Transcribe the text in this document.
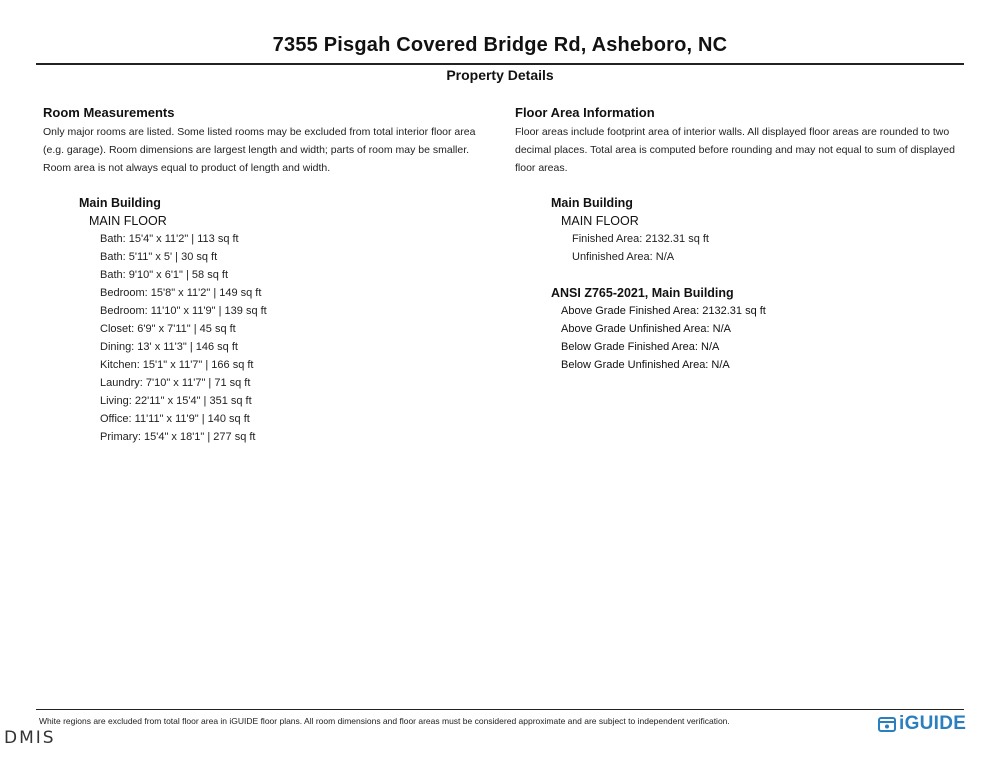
7355 Pisgah Covered Bridge Rd, Asheboro, NC
Property Details
Room Measurements

Only major rooms are listed. Some listed rooms may be excluded from total interior floor area

(e.g. garage). Room dimensions are largest length and width; parts of room may be smaller.

Room area is not always equal to product of length and width.

Main Building
MAIN FLOOR
Bath: 15'4" x 11'2" | 113 sq ft
Bath: 5'11" x 5' | 30 sq ft
Bath: 9'10" x 6'1" | 58 sq ft
Bedroom: 15'8" x 11'2" | 149 sq ft
Bedroom: 11'10" x 11'9" | 139 sq ft
Closet: 6'9" x 7'11" | 45 sq ft
Dining: 13' x 11'3" | 146 sq ft
Kitchen: 15'1" x 11'7" | 166 sq ft
Laundry: 7'10" x 11'7" | 71 sq ft
Living: 22'11" x 15'4" | 351 sq ft
Office: 11'11" x 11'9" | 140 sq ft
Primary: 15'4" x 18'1" | 277 sq ft
Floor Area Information

Floor areas include footprint area of interior walls. All displayed floor areas are rounded to two

decimal places. Total area is computed before rounding and may not equal to sum of displayed

floor areas.

Main Building
MAIN FLOOR
Finished Area: 2132.31 sq ft
Unfinished Area: N/A
ANSI Z765-2021, Main Building
Above Grade Finished Area: 2132.31 sq ft
Above Grade Unfinished Area: N/A
Below Grade Finished Area: N/A
Below Grade Unfinished Area: N/A
White regions are excluded from total floor area in iGUIDE floor plans. All room dimensions and floor areas must be considered approximate and are subject to independent verification.	iGUIDE
DMIS
